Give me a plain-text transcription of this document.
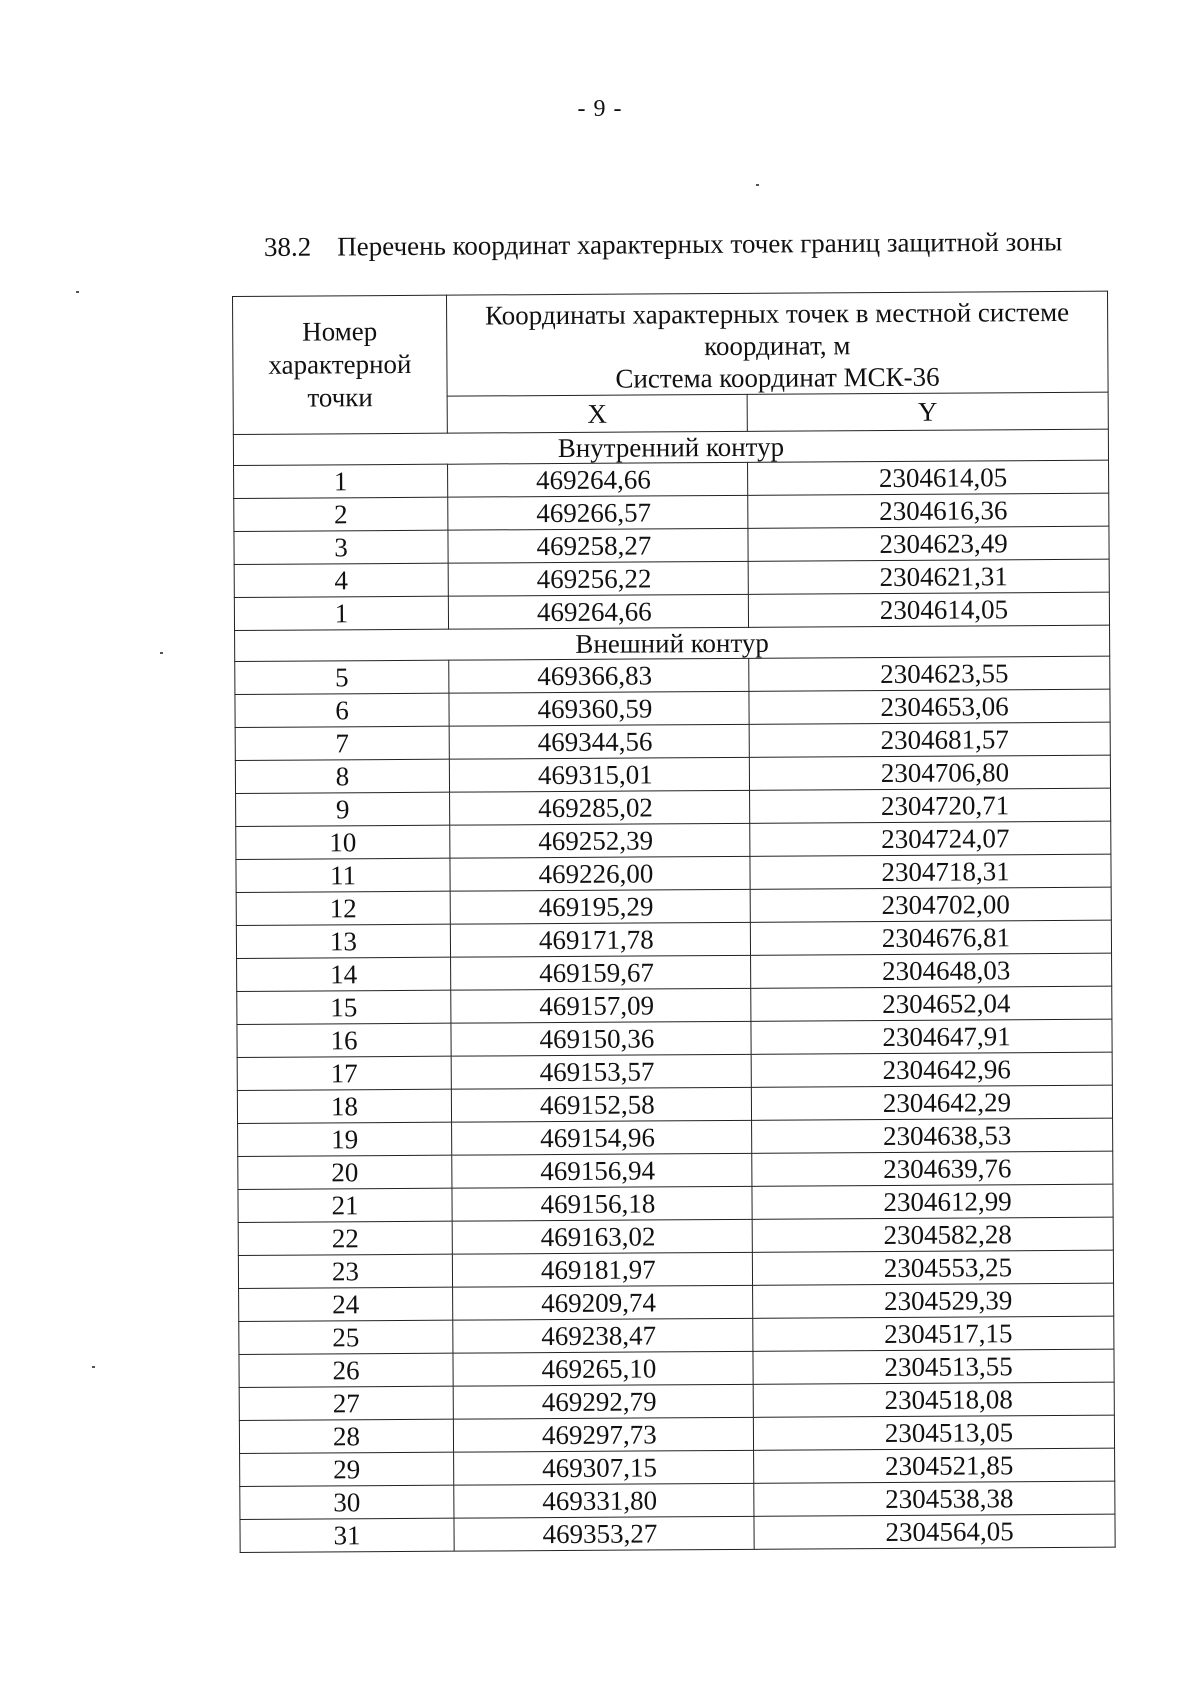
- 9 -
38.2 Перечень координат характерных точек границ защитной зоны
Номер
характерной
точки	Координаты характерных точек в местной системе
координат, м
Система координат МСК-36	

	X	Y
Внутренний контур		
1	469264,66	2304614,05
2	469266,57	2304616,36
3	469258,27	2304623,49
4	469256,22	2304621,31
1	469264,66	2304614,05
Внешний контур		
5	469366,83	2304623,55
6	469360,59	2304653,06
7	469344,56	2304681,57
8	469315,01	2304706,80
9	469285,02	2304720,71
10	469252,39	2304724,07
11	469226,00	2304718,31
12	469195,29	2304702,00
13	469171,78	2304676,81
14	469159,67	2304648,03
15	469157,09	2304652,04
16	469150,36	2304647,91
17	469153,57	2304642,96
18	469152,58	2304642,29
19	469154,96	2304638,53
20	469156,94	2304639,76
21	469156,18	2304612,99
22	469163,02	2304582,28
23	469181,97	2304553,25
24	469209,74	2304529,39
25	469238,47	2304517,15
26	469265,10	2304513,55
27	469292,79	2304518,08
28	469297,73	2304513,05
29	469307,15	2304521,85
30	469331,80	2304538,38
31	469353,27	2304564,05
